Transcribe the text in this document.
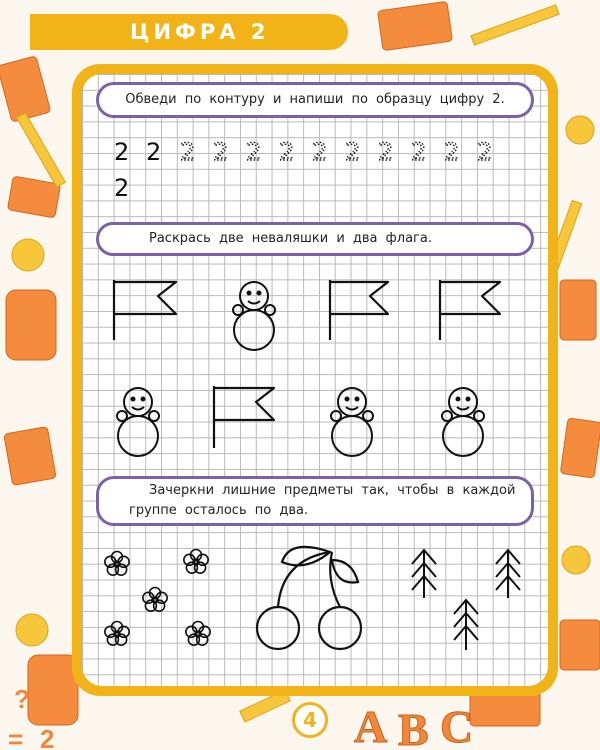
A B C
=
?
2
ЦИФРА 2
Обведи по контуру и напиши по образцу цифру 2.
Раскрась две неваляшки и два флага.
Зачеркни лишние предметы так, чтобы в каждой
группе осталось по два.
2 2 2 2 2 2 2 2 2 2 2 2
2
4
